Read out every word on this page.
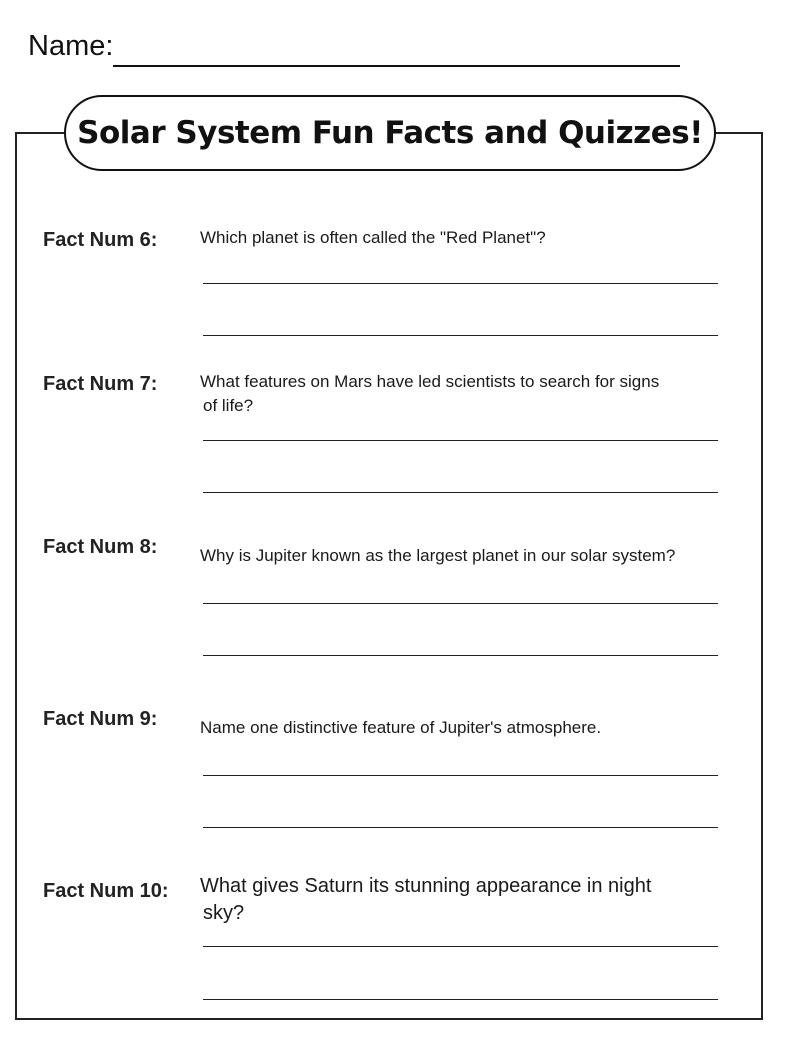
Name:
Solar System Fun Facts and Quizzes!
Fact Num 6:	Which planet is often called the "Red Planet"?
Fact Num 7:	What features on Mars have led scientists to search for signs
of life?
Fact Num 8:	Why is Jupiter known as the largest planet in our solar system?
Fact Num 9:	Name one distinctive feature of Jupiter's atmosphere.
Fact Num 10: What gives Saturn its stunning appearance in night
sky?
